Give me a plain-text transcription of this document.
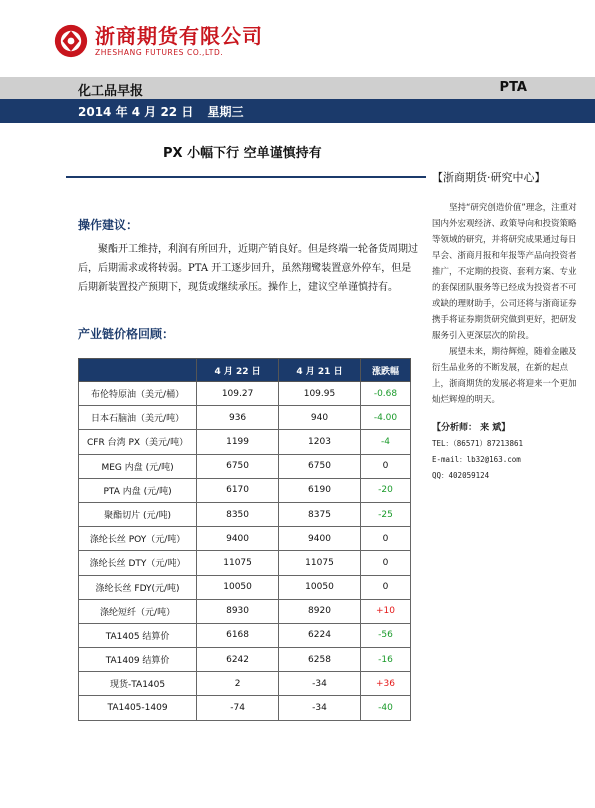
浙商期货有限公司
ZHESHANG FUTURES CO.,LTD.
化工品早报	PTA
2014 年 4 月 22 日 星期三
PX 小幅下行 空单谨慎持有
【浙商期货·研究中心】

坚持“研究创造价值”理念，注重对国内外宏观经济、政策导向和投资策略等领域的研究，并将研究成果通过每日早会、浙商月报和年报等产品向投资者推广，不定期的投资、套利方案、专业的套保团队服务等已经成为投资者不可或缺的理财助手，公司还将与浙商证券携手将证券期货研究做到更好，把研发服务引入更深层次的阶段。

展望未来，期待辉煌，随着金融及衍生品业务的不断发展，在新的起点上，浙商期货的发展必将迎来一个更加灿烂辉煌的明天。

【分析师： 来 斌】
TEL：（86571）87213861
E-mail：lb32@163.com
QQ：402059124
操作建议：

聚酯开工维持，利润有所回升，近期产销良好。但是终端一轮备货周期过后，后期需求或将转弱。PTA 开工逐步回升，虽然翔鹭装置意外停车，但是后期新装置投产预期下，现货或继续承压。操作上，建议空单谨慎持有。

产业链价格回顾：
	4 月 22 日	4 月 21 日	涨跌幅
布伦特原油（美元/桶）	109.27	109.95	-0.68
日本石脑油（美元/吨）	936	940	-4.00
CFR 台湾 PX（美元/吨）	1199	1203	-4
MEG 内盘 (元/吨)	6750	6750	0
PTA 内盘 (元/吨)	6170	6190	-20
聚酯切片 (元/吨)	8350	8375	-25
涤纶长丝 POY（元/吨）	9400	9400	0
涤纶长丝 DTY（元/吨）	11075	11075	0
涤纶长丝 FDY(元/吨)	10050	10050	0
涤纶短纤（元/吨）	8930	8920	+10
TA1405 结算价	6168	6224	-56
TA1409 结算价	6242	6258	-16
现货-TA1405	2	-34	+36
TA1405-1409	-74	-34	-40
